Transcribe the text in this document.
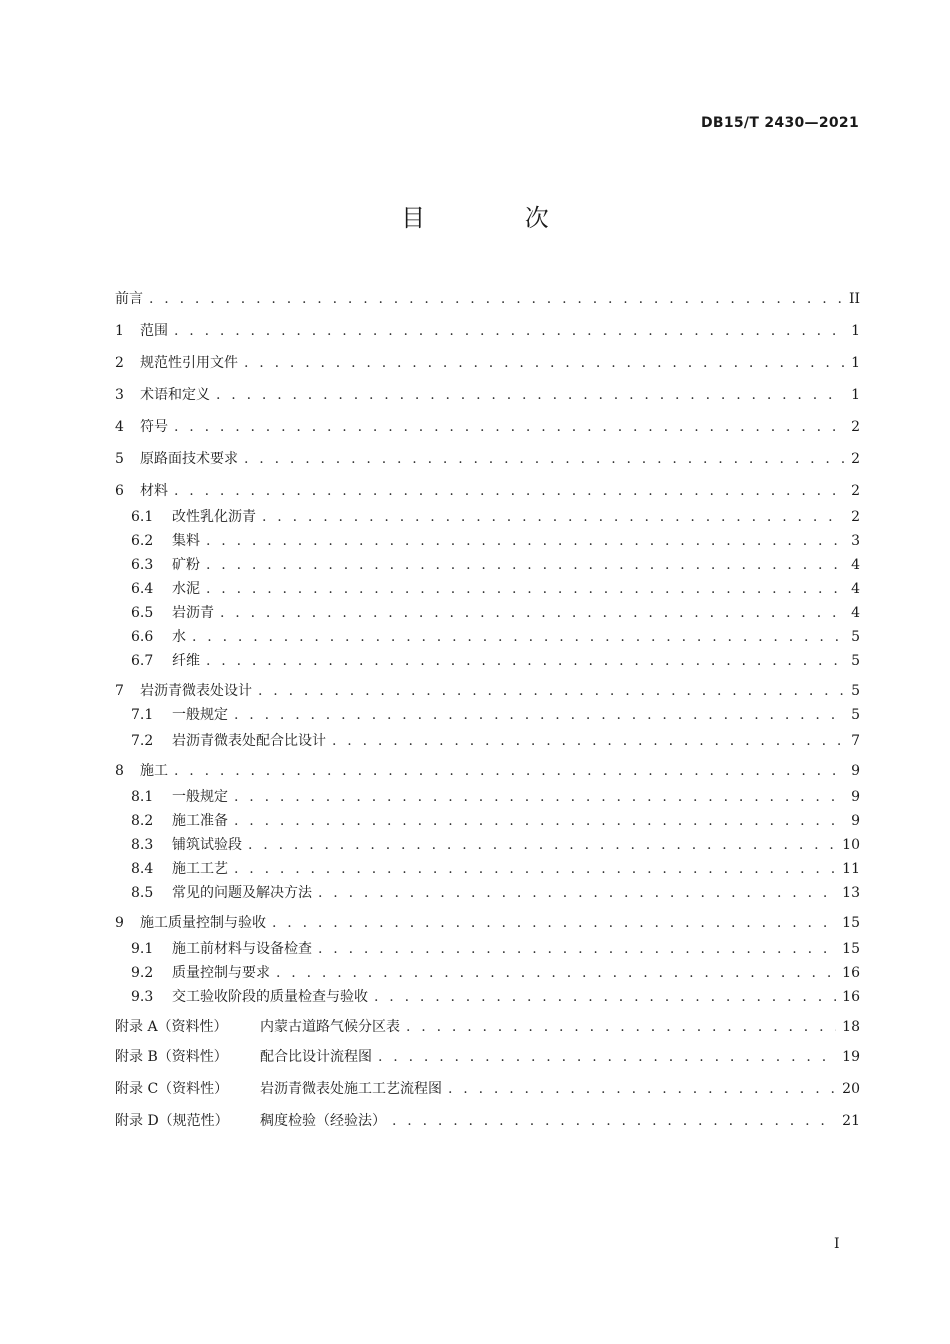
DB15/T 2430—2021
目 次
前言 . . .	II
1	范围 . . .	1
2	规范性引用文件 . . .	1
3	术语和定义 . . .	1
4	符号 . . .	2
5	原路面技术要求 . . .	2
6	材料 . . .	2
6.1	改性乳化沥青 . . .	2
6.2	集料 . . .	3
6.3	矿粉 . . .	4
6.4	水泥 . . .	4
6.5	岩沥青 . . .	4
6.6	水 . . .	5
6.7	纤维 . . .	5
7	岩沥青微表处设计 . . .	5
7.1	一般规定 . . .	5
7.2	岩沥青微表处配合比设计 . . .	7
8	施工 . . .	9
8.1	一般规定 . . .	9
8.2	施工准备 . . .	9
8.3	铺筑试验段 . . .	10
8.4	施工工艺 . . .	11
8.5	常见的问题及解决方法 . . .	13
9	施工质量控制与验收 . . .	15
9.1	施工前材料与设备检查 . . .	15
9.2	质量控制与要求 . . .	16
9.3	交工验收阶段的质量检查与验收 . . .	16
附录 A（资料性）	内蒙古道路气候分区表 . . .	18
附录 B（资料性）	配合比设计流程图 . . .	19
附录 C（资料性）	岩沥青微表处施工工艺流程图 . . .	20
附录 D（规范性）	稠度检验（经验法） . . .	21
I
